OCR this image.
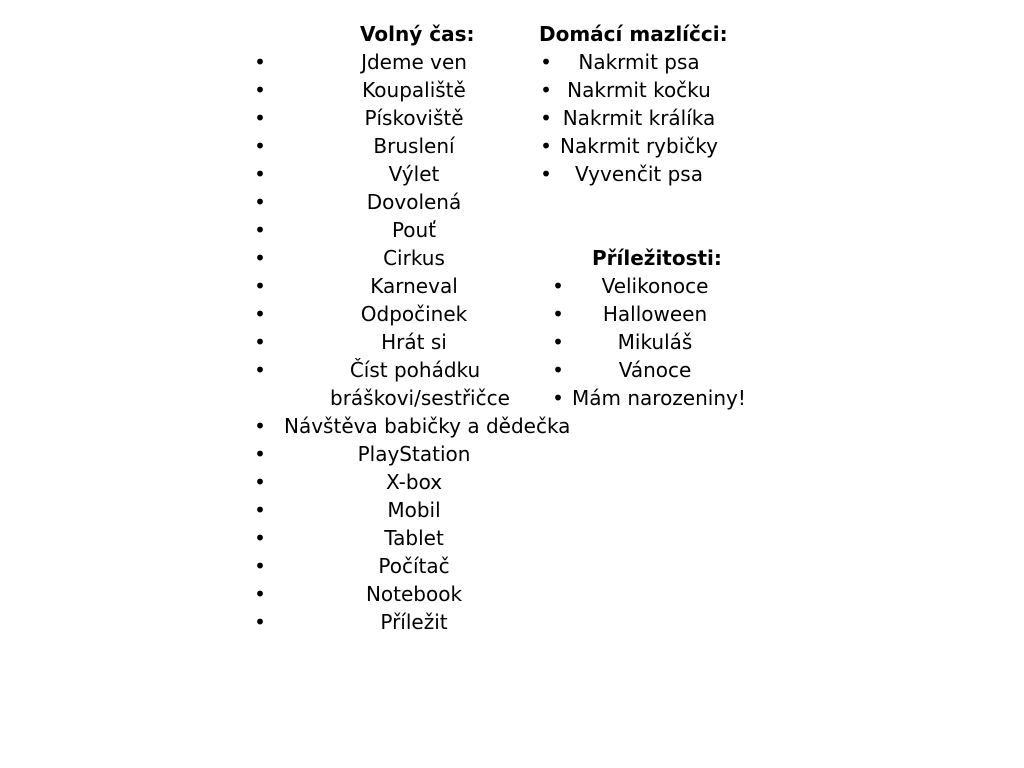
Volný čas:
•	Jdeme ven
•	Koupaliště
•	Pískoviště
•	Bruslení
•	Výlet
•	Dovolená
•	Pouť
•	Cirkus
•	Karneval
•	Odpočinek
•	Hrát si
•	Číst pohádku bráškovi/sestřičce
• Návštěva babičky a dědečka
•	PlayStation
•	X-box
•	Mobil
•	Tablet
•	Počítač
•	Notebook
•	Příležit
Domácí mazlíčci:
•	Nakrmit psa
• Nakrmit kočku
• Nakrmit králíka
• Nakrmit rybičky
•	Vyvenčit psa
Příležitosti:
•	Velikonoce
•	Halloween
•	Mikuláš
•	Vánoce
• Mám narozeniny!
